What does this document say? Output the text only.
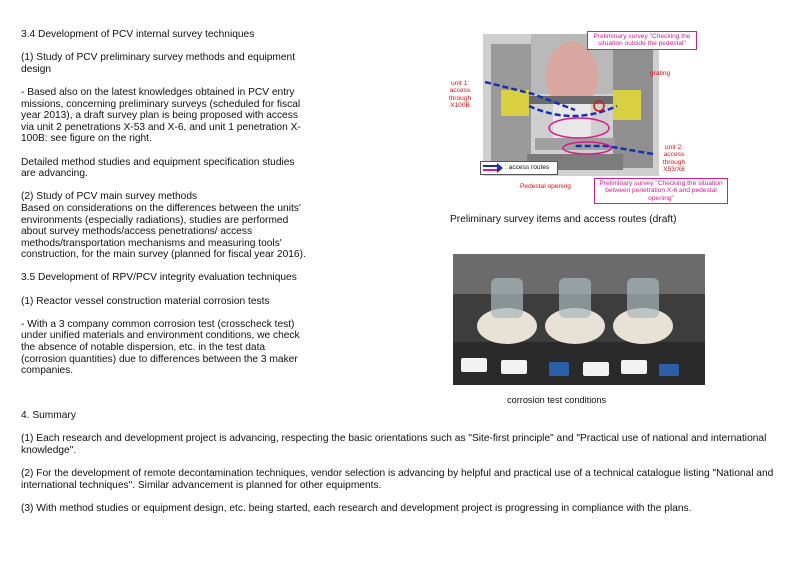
3.4 Development of PCV internal survey techniques

(1) Study of PCV preliminary survey methods and equipment design

- Based also on the latest knowledges obtained in PCV entry missions, concerning preliminary surveys (scheduled for fiscal year 2013), a draft survey plan is being proposed with access via unit 2 penetrations X-53 and X-6, and unit 1 penetration X-100B: see figure on the right.

Detailed method studies and equipment specification studies are advancing.

(2) Study of PCV main survey methods
Based on considerations on the differences between the units' environments (especially radiations), studies are performed about survey methods/access penetrations/ access methods/transportation mechanisms and measuring tools' construction, for the main survey (planned for fiscal year 2016).

3.5 Development of RPV/PCV integrity evaluation techniques

(1) Reactor vessel construction material corrosion tests

- With a 3 company common corrosion test (crosscheck test) under unified materials and environment conditions, we check the absence of notable dispersion, etc. in the test data (corrosion quantities) due to differences between the 3 maker companies.

Preliminary survey "Checking the situation outside the pedestal"
grating
unit 1: access through X100B
unit 2: access through X53/X6
Pedestal opening	Preliminary survey "Checking the situation between penetration X-6 and pedestal opening"
: access routes
Preliminary survey items and access routes (draft)
corrosion test conditions

4. Summary

(1) Each research and development project is advancing, respecting the basic orientations such as "Site-first principle" and "Practical use of national and international knowledge".

(2) For the development of remote decontamination techniques, vendor selection is advancing by helpful and practical use of a technical catalogue listing "National and international techniques". Similar advancement is planned for other equipments.

(3) With method studies or equipment design, etc. being started, each research and development project is progressing in compliance with the plans.
